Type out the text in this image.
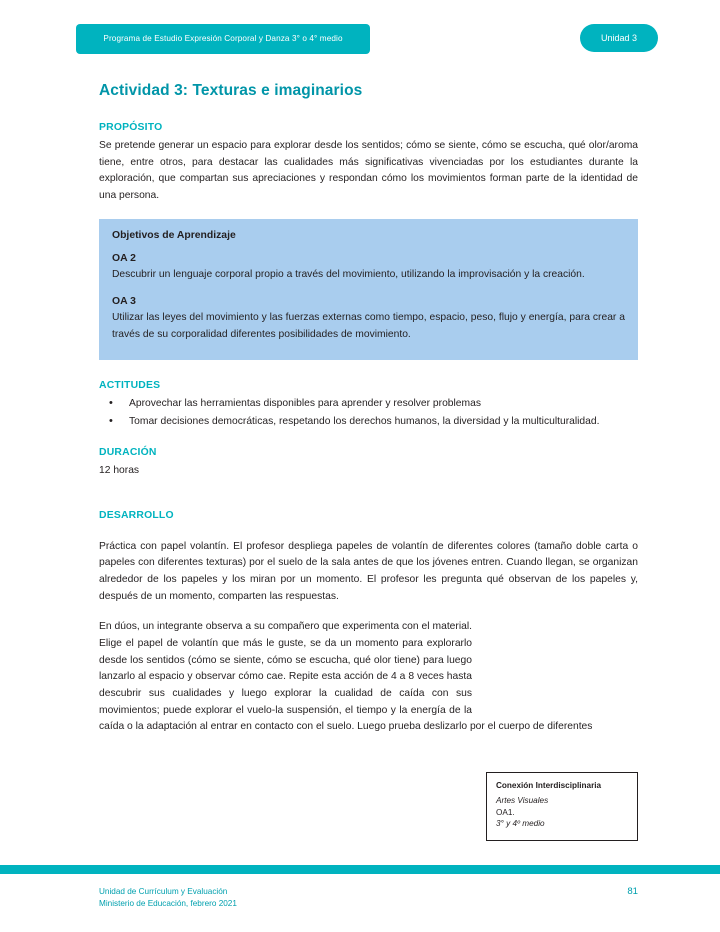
Programa de Estudio Expresión Corporal y Danza 3° o 4° medio	Unidad 3
Actividad 3: Texturas e imaginarios
PROPÓSITO

Se pretende generar un espacio para explorar desde los sentidos; cómo se siente, cómo se escucha, qué olor/aroma tiene, entre otros, para destacar las cualidades más significativas vivenciadas por los estudiantes durante la exploración, que compartan sus apreciaciones y respondan cómo los movimientos forman parte de la identidad de una persona.

Objetivos de Aprendizaje

OA 2

Descubrir un lenguaje corporal propio a través del movimiento, utilizando la improvisación y la creación.

OA 3

Utilizar las leyes del movimiento y las fuerzas externas como tiempo, espacio, peso, flujo y energía, para crear a través de su corporalidad diferentes posibilidades de movimiento.

ACTITUDES
• Aprovechar las herramientas disponibles para aprender y resolver problemas
• Tomar decisiones democráticas, respetando los derechos humanos, la diversidad y la multiculturalidad.
DURACIÓN

12 horas

DESARROLLO

Práctica con papel volantín. El profesor despliega papeles de volantín de diferentes colores (tamaño doble carta o papeles con diferentes texturas) por el suelo de la sala antes de que los jóvenes entren. Cuando llegan, se organizan alrededor de los papeles y los miran por un momento. El profesor les pregunta qué observan de los papeles y, después de un momento, comparten las respuestas.

En dúos, un integrante observa a su compañero que experimenta con el material. Elige el papel de volantín que más le guste, se da un momento para explorarlo desde los sentidos (cómo se siente, cómo se escucha, qué olor tiene) para luego lanzarlo al espacio y observar cómo cae. Repite esta acción de 4 a 8 veces hasta descubrir sus cualidades y luego explorar la cualidad de caída con sus movimientos; puede explorar el vuelo-la suspensión, el tiempo y la energía de la caída o la adaptación al entrar en contacto con el suelo. Luego prueba deslizarlo por el cuerpo de diferentes

Conexión Interdisciplinaria

Artes Visuales

OA1.

3° y 4º medio

Unidad de Currículum y Evaluación

Ministerio de Educación, febrero 2021

81
